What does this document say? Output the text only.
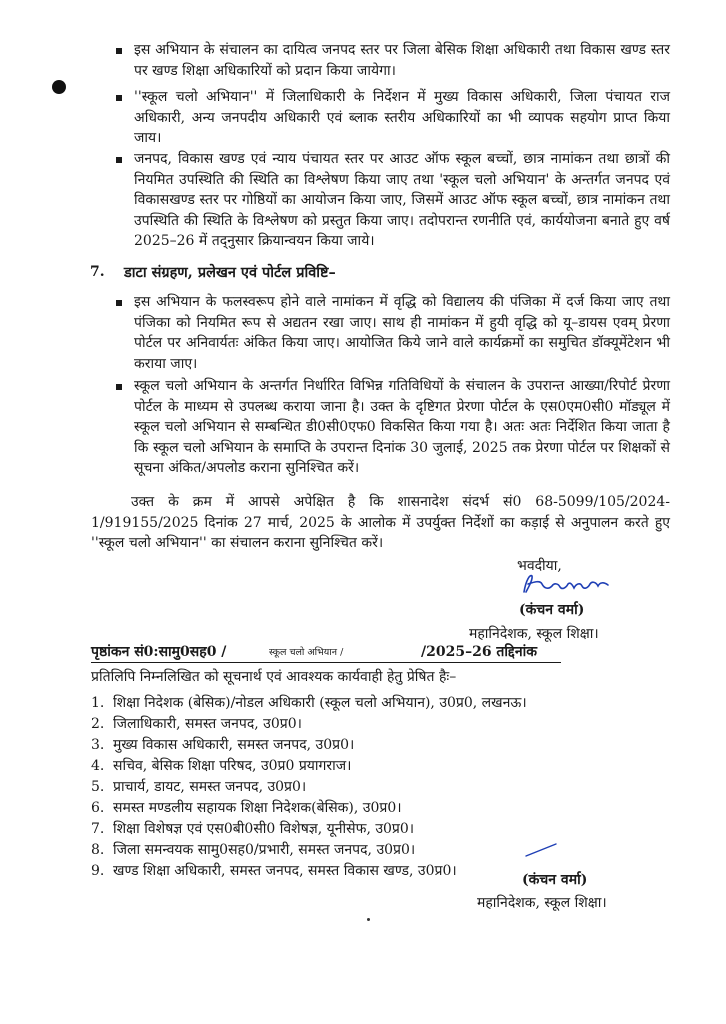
इस अभियान के संचालन का दायित्व जनपद स्तर पर जिला बेसिक शिक्षा अधिकारी तथा विकास खण्ड स्तर पर खण्ड शिक्षा अधिकारियों को प्रदान किया जायेगा।
''स्कूल चलो अभियान'' में जिलाधिकारी के निर्देशन में मुख्य विकास अधिकारी, जिला पंचायत राज अधिकारी, अन्य जनपदीय अधिकारी एवं ब्लाक स्तरीय अधिकारियों का भी व्यापक सहयोग प्राप्त किया जाय।
जनपद, विकास खण्ड एवं न्याय पंचायत स्तर पर आउट ऑफ स्कूल बच्चों, छात्र नामांकन तथा छात्रों की नियमित उपस्थिति की स्थिति का विश्लेषण किया जाए तथा 'स्कूल चलो अभियान' के अन्तर्गत जनपद एवं विकासखण्ड स्तर पर गोष्ठियों का आयोजन किया जाए, जिसमें आउट ऑफ स्कूल बच्चों, छात्र नामांकन तथा उपस्थिति की स्थिति के विश्लेषण को प्रस्तुत किया जाए। तदोपरान्त रणनीति एवं, कार्ययोजना बनाते हुए वर्ष 2025–26 में तद्नुसार क्रियान्वयन किया जाये।
7. डाटा संग्रहण, प्रलेखन एवं पोर्टल प्रविष्टि–
इस अभियान के फलस्वरूप होने वाले नामांकन में वृद्धि को विद्यालय की पंजिका में दर्ज किया जाए तथा पंजिका को नियमित रूप से अद्यतन रखा जाए। साथ ही नामांकन में हुयी वृद्धि को यू–डायस एवम् प्रेरणा पोर्टल पर अनिवार्यतः अंकित किया जाए। आयोजित किये जाने वाले कार्यक्रमों का समुचित डॉक्यूमेंटेशन भी कराया जाए।
स्कूल चलो अभियान के अन्तर्गत निर्धारित विभिन्न गतिविधियों के संचालन के उपरान्त आख्या/रिपोर्ट प्रेरणा पोर्टल के माध्यम से उपलब्ध कराया जाना है। उक्त के दृष्टिगत प्रेरणा पोर्टल के एस0एम0सी0 मॉड्यूल में स्कूल चलो अभियान से सम्बन्धित डी0सी0एफ0 विकसित किया गया है। अतः अतः निर्देशित किया जाता है कि स्कूल चलो अभियान के समाप्ति के उपरान्त दिनांक 30 जुलाई, 2025 तक प्रेरणा पोर्टल पर शिक्षकों से सूचना अंकित/अपलोड कराना सुनिश्चित करें।
उक्त के क्रम में आपसे अपेक्षित है कि शासनादेश संदर्भ सं0 68-5099/105/2024-1/919155/2025 दिनांक 27 मार्च, 2025 के आलोक में उपर्युक्त निर्देशों का कड़ाई से अनुपालन करते हुए ''स्कूल चलो अभियान'' का संचालन कराना सुनिश्चित करें।
भवदीया,
(कंचन वर्मा)
महानिदेशक, स्कूल शिक्षा।
पृष्ठांकन सं0:सामु0सह0 /	स्कूल चलो अभियान /	/2025–26 तद्दिनांक
प्रतिलिपि निम्नलिखित को सूचनार्थ एवं आवश्यक कार्यवाही हेतु प्रेषित हैः–
1. शिक्षा निदेशक (बेसिक)/नोडल अधिकारी (स्कूल चलो अभियान), उ0प्र0, लखनऊ।
2. जिलाधिकारी, समस्त जनपद, उ0प्र0।
3. मुख्य विकास अधिकारी, समस्त जनपद, उ0प्र0।
4. सचिव, बेसिक शिक्षा परिषद, उ0प्र0 प्रयागराज।
5. प्राचार्य, डायट, समस्त जनपद, उ0प्र0।
6. समस्त मण्डलीय सहायक शिक्षा निदेशक(बेसिक), उ0प्र0।
7. शिक्षा विशेषज्ञ एवं एस0बी0सी0 विशेषज्ञ, यूनीसेफ, उ0प्र0।
8. जिला समन्वयक सामु0सह0/प्रभारी, समस्त जनपद, उ0प्र0।
9. खण्ड शिक्षा अधिकारी, समस्त जनपद, समस्त विकास खण्ड, उ0प्र0।
(कंचन वर्मा)
महानिदेशक, स्कूल शिक्षा।
